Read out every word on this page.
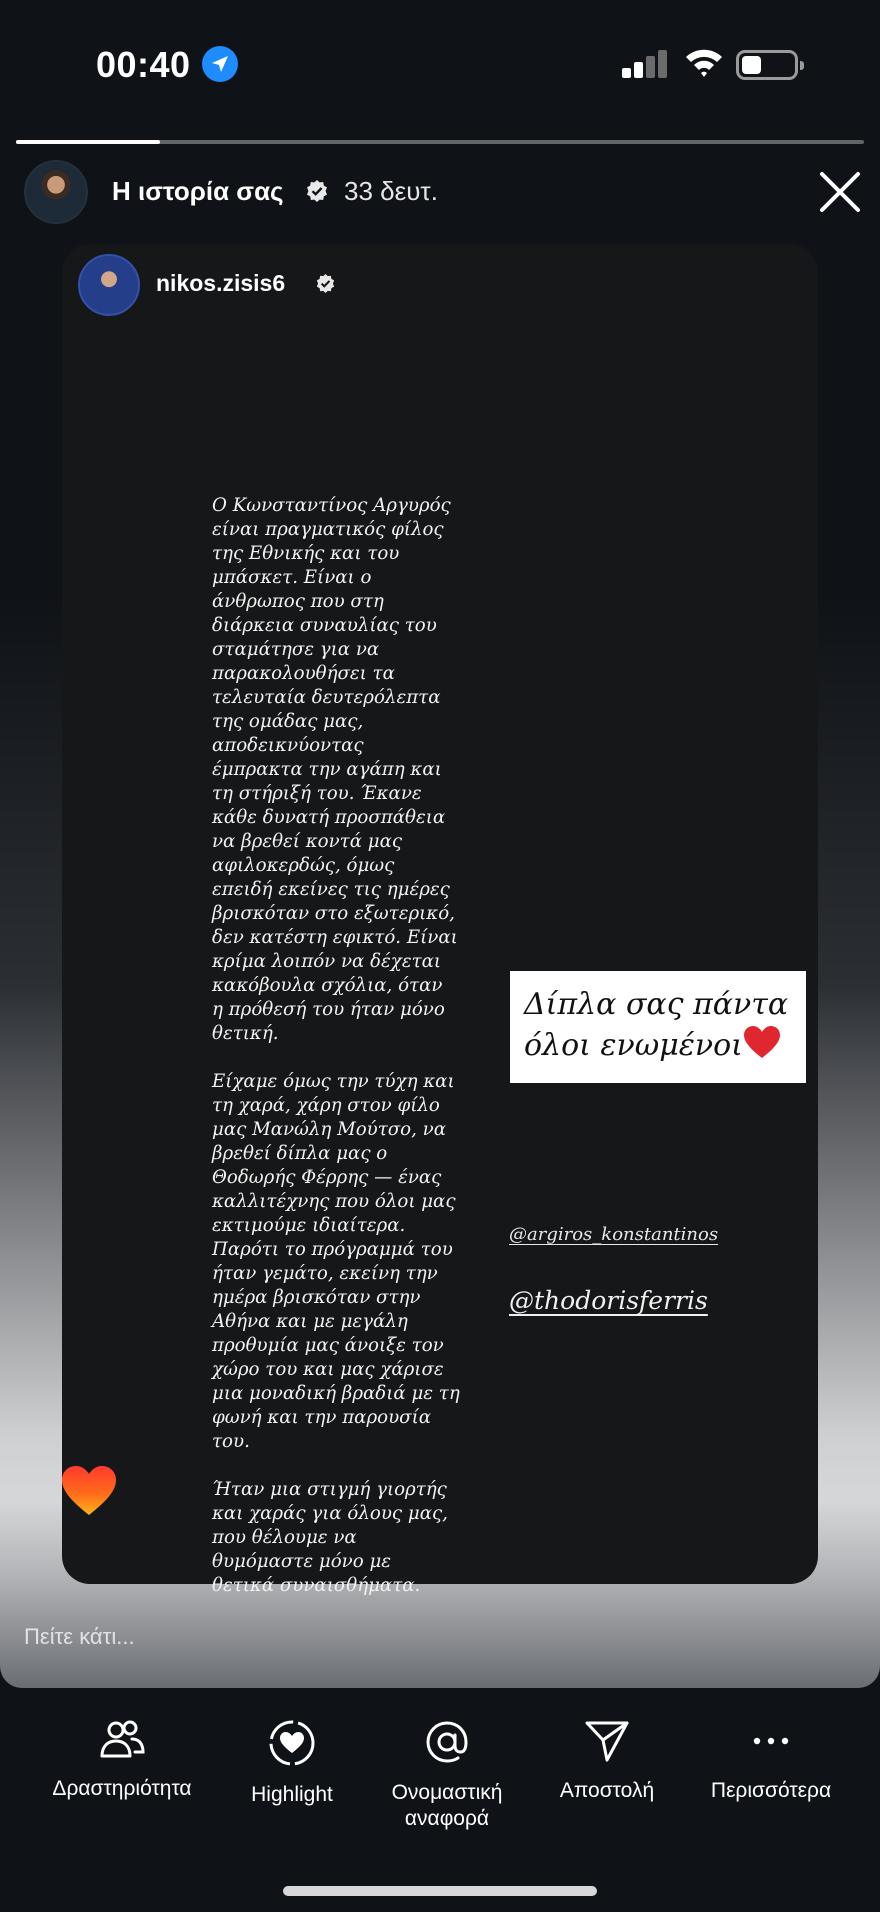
00:40
Η ιστορία σας 33 δευτ.
nikos.zisis6
Ο Κωνσταντίνος Αργυρός
είναι πραγματικός φίλος
της Εθνικής και του
μπάσκετ. Είναι ο
άνθρωπος που στη
διάρκεια συναυλίας του
σταμάτησε για να
παρακολουθήσει τα
τελευταία δευτερόλεπτα
της ομάδας μας,
αποδεικνύοντας
έμπρακτα την αγάπη και
τη στήριξή του. Έκανε
κάθε δυνατή προσπάθεια
να βρεθεί κοντά μας
αφιλοκερδώς, όμως
επειδή εκείνες τις ημέρες
βρισκόταν στο εξωτερικό,
δεν κατέστη εφικτό. Είναι
κρίμα λοιπόν να δέχεται
κακόβουλα σχόλια, όταν
η πρόθεσή του ήταν μόνο
θετική.

Είχαμε όμως την τύχη και
τη χαρά, χάρη στον φίλο
μας Μανώλη Μούτσο, να
βρεθεί δίπλα μας ο
Θοδωρής Φέρρης — ένας
καλλιτέχνης που όλοι μας
εκτιμούμε ιδιαίτερα.
Παρότι το πρόγραμμά του
ήταν γεμάτο, εκείνη την
ημέρα βρισκόταν στην
Αθήνα και με μεγάλη
προθυμία μας άνοιξε τον
χώρο του και μας χάρισε
μια μοναδική βραδιά με τη
φωνή και την παρουσία
του.

Ήταν μια στιγμή γιορτής
και χαράς για όλους μας,
που θέλουμε να
θυμόμαστε μόνο με
θετικά συναισθήματα.
Δίπλα σας πάντα
όλοι ενωμένοι
@argiros_konstantinos
@thodorisferris
Πείτε κάτι...
Δραστηριότητα	Highlight	Ονομαστική
αναφορά
Αποστολή	Περισσότερα
